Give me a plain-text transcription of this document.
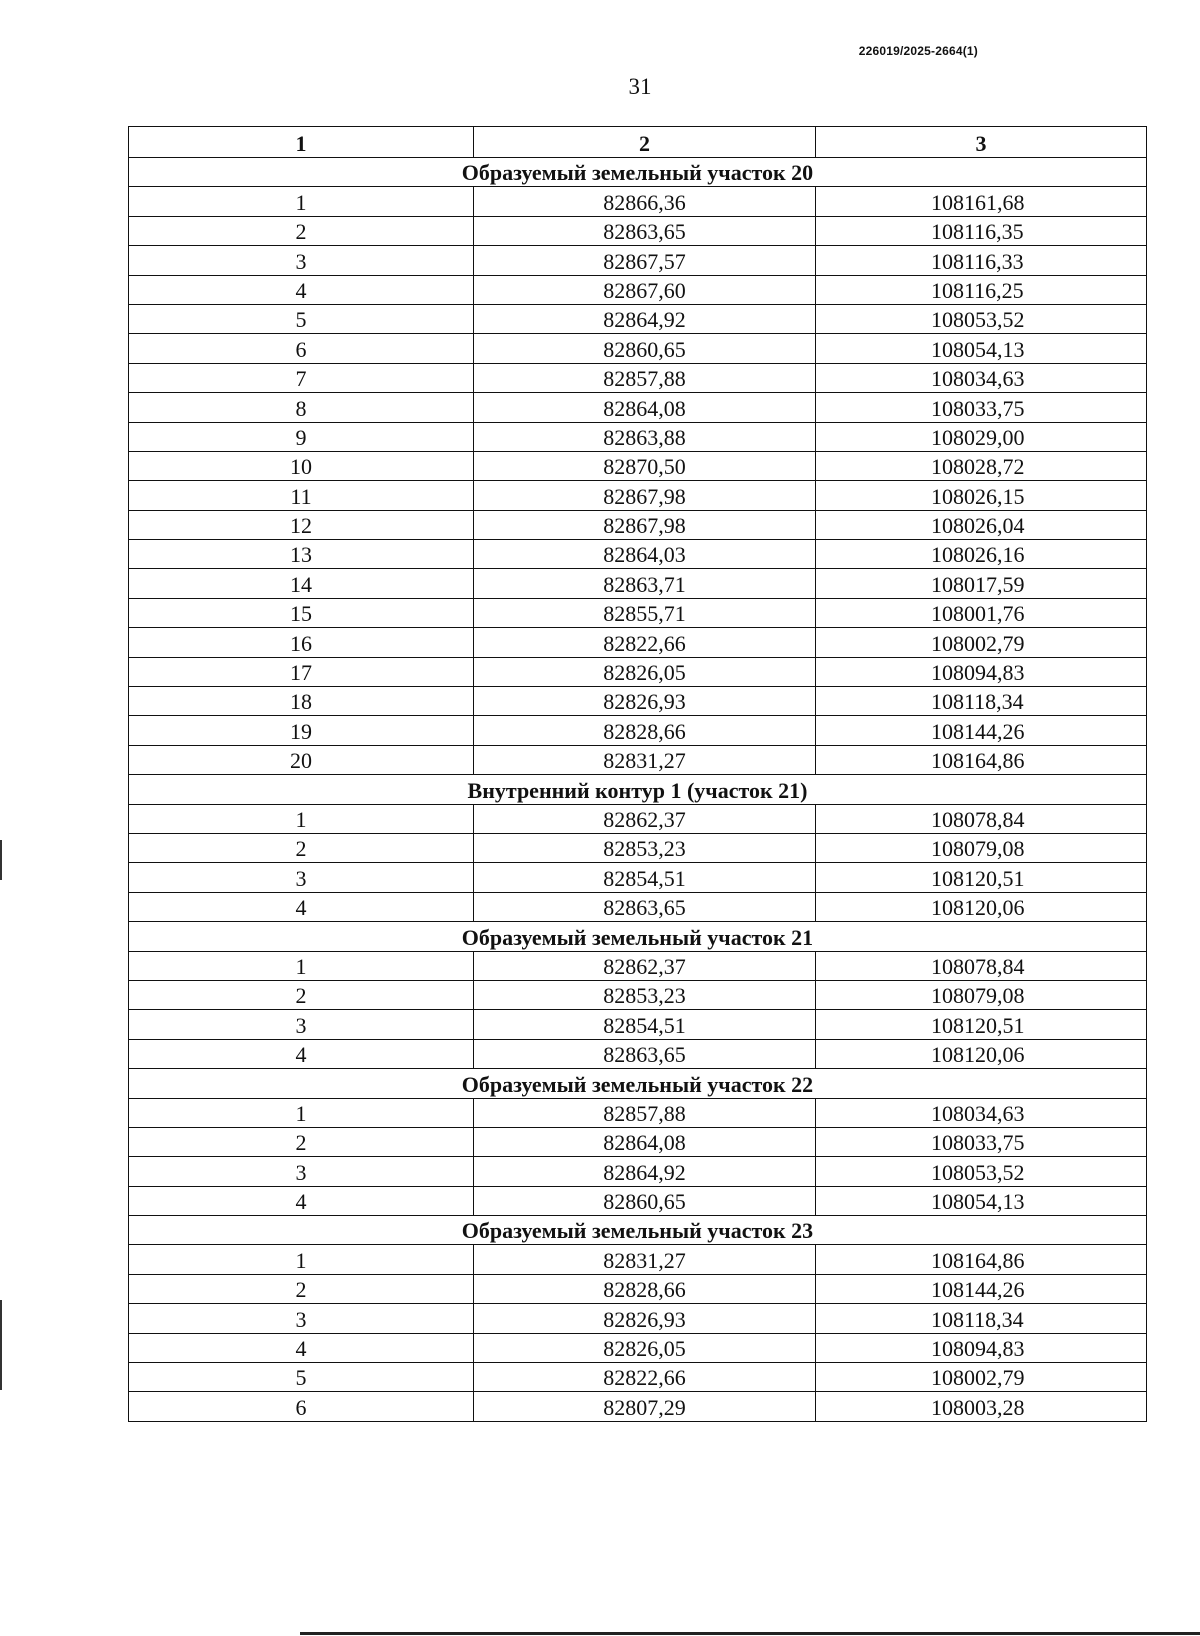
226019/2025-2664(1)
31
1	2	3
Образуемый земельный участок 20		
1	82866,36	108161,68
2	82863,65	108116,35
3	82867,57	108116,33
4	82867,60	108116,25
5	82864,92	108053,52
6	82860,65	108054,13
7	82857,88	108034,63
8	82864,08	108033,75
9	82863,88	108029,00
10	82870,50	108028,72
11	82867,98	108026,15
12	82867,98	108026,04
13	82864,03	108026,16
14	82863,71	108017,59
15	82855,71	108001,76
16	82822,66	108002,79
17	82826,05	108094,83
18	82826,93	108118,34
19	82828,66	108144,26
20	82831,27	108164,86
Внутренний контур 1 (участок 21)		
1	82862,37	108078,84
2	82853,23	108079,08
3	82854,51	108120,51
4	82863,65	108120,06
Образуемый земельный участок 21		
1	82862,37	108078,84
2	82853,23	108079,08
3	82854,51	108120,51
4	82863,65	108120,06
Образуемый земельный участок 22		
1	82857,88	108034,63
2	82864,08	108033,75
3	82864,92	108053,52
4	82860,65	108054,13
Образуемый земельный участок 23		
1	82831,27	108164,86
2	82828,66	108144,26
3	82826,93	108118,34
4	82826,05	108094,83
5	82822,66	108002,79
6	82807,29	108003,28
